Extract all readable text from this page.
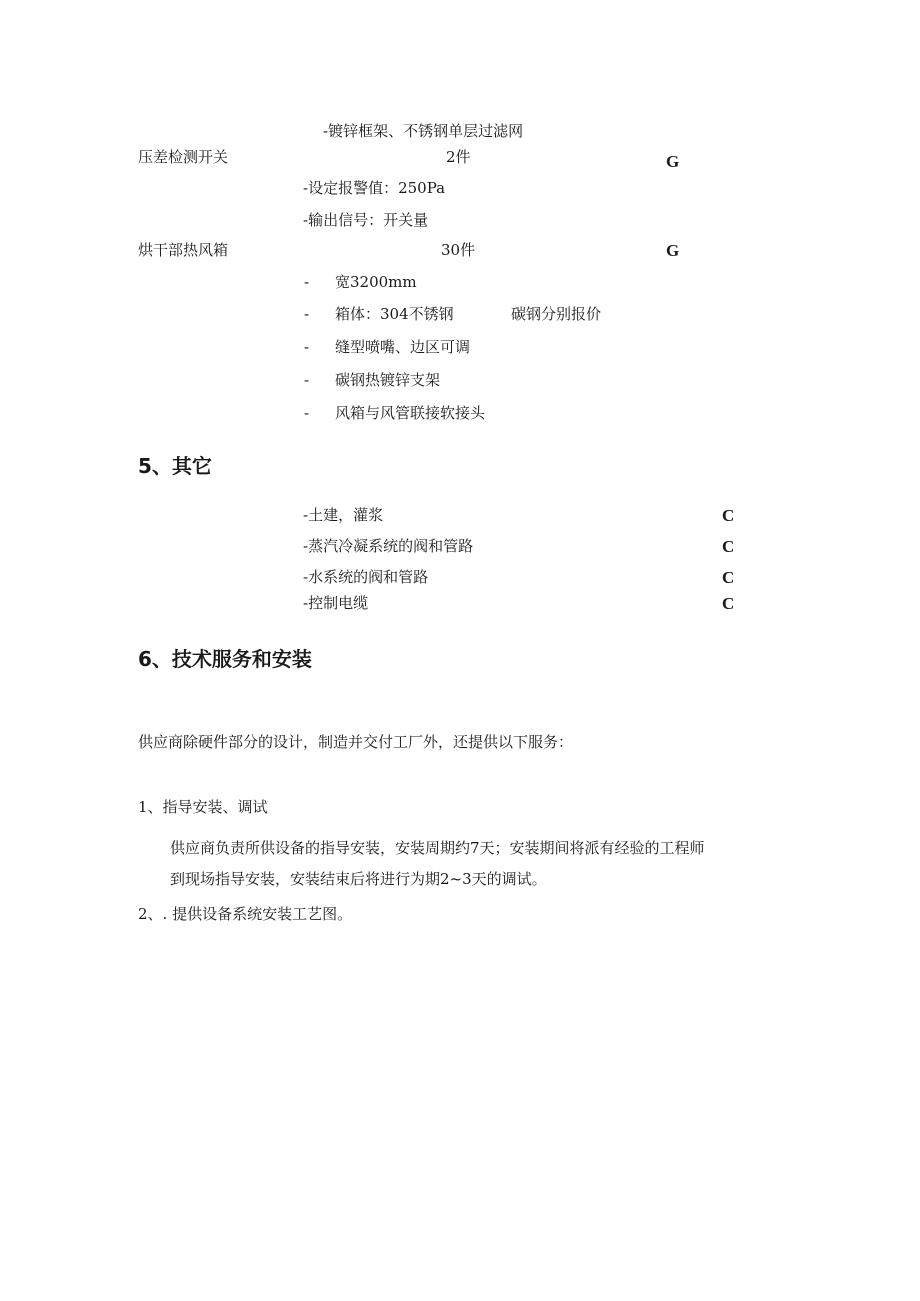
-镀锌框架、不锈钢单层过滤网
压差检测开关	2件	G
-设定报警值：250Pa
-输出信号：开关量
烘干部热风箱	30件	G
- 宽3200mm
- 箱体：304不锈钢	碳钢分别报价
- 缝型喷嘴、边区可调
- 碳钢热镀锌支架
- 风箱与风管联接软接头
5、其它
-土建，灌浆	C
-蒸汽冷凝系统的阀和管路	C
-水系统的阀和管路	C
-控制电缆	C
6、技术服务和安装
供应商除硬件部分的设计，制造并交付工厂外，还提供以下服务：
1、指导安装、调试
供应商负责所供设备的指导安装，安装周期约7天；安装期间将派有经验的工程师
到现场指导安装，安装结束后将进行为期2~3天的调试。
2、. 提供设备系统安装工艺图。
